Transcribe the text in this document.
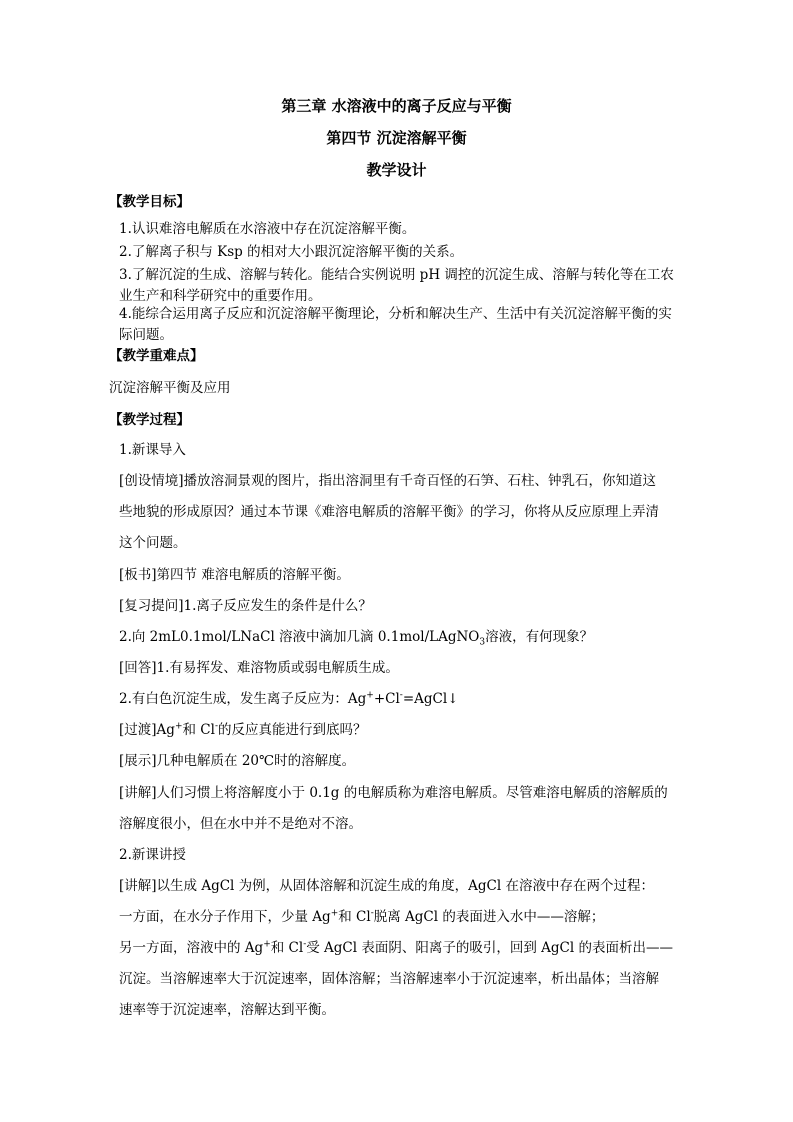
第三章 水溶液中的离子反应与平衡
第四节 沉淀溶解平衡
教学设计
【教学目标】
1.认识难溶电解质在水溶液中存在沉淀溶解平衡。
2.了解离子积与 Ksp 的相对大小跟沉淀溶解平衡的关系。
3.了解沉淀的生成、溶解与转化。能结合实例说明 pH 调控的沉淀生成、溶解与转化等在工农业生产和科学研究中的重要作用。
4.能综合运用离子反应和沉淀溶解平衡理论，分析和解决生产、生活中有关沉淀溶解平衡的实际问题。
【教学重难点】
沉淀溶解平衡及应用
【教学过程】
1.新课导入
[创设情境]播放溶洞景观的图片，指出溶洞里有千奇百怪的石笋、石柱、钟乳石，你知道这
些地貌的形成原因？通过本节课《难溶电解质的溶解平衡》的学习，你将从反应原理上弄清
这个问题。
[板书]第四节 难溶电解质的溶解平衡。
[复习提问]1.离子反应发生的条件是什么？
2.向 2mL0.1mol/LNaCl 溶液中滴加几滴 0.1mol/LAgNO$_3$溶液，有何现象？
[回答]1.有易挥发、难溶物质或弱电解质生成。
2.有白色沉淀生成，发生离子反应为：Ag++Cl-=AgCl↓
[过渡]Ag+和 Cl-的反应真能进行到底吗？
[展示]几种电解质在 20℃时的溶解度。
[讲解]人们习惯上将溶解度小于 0.1g 的电解质称为难溶电解质。尽管难溶电解质的溶解质的
溶解度很小，但在水中并不是绝对不溶。
2.新课讲授
[讲解]以生成 AgCl 为例，从固体溶解和沉淀生成的角度，AgCl 在溶液中存在两个过程：
一方面，在水分子作用下，少量 Ag+和 Cl-脱离 AgCl 的表面进入水中——溶解；
另一方面，溶液中的 Ag+和 Cl-受 AgCl 表面阴、阳离子的吸引，回到 AgCl 的表面析出——
沉淀。当溶解速率大于沉淀速率，固体溶解；当溶解速率小于沉淀速率，析出晶体；当溶解
速率等于沉淀速率，溶解达到平衡。
